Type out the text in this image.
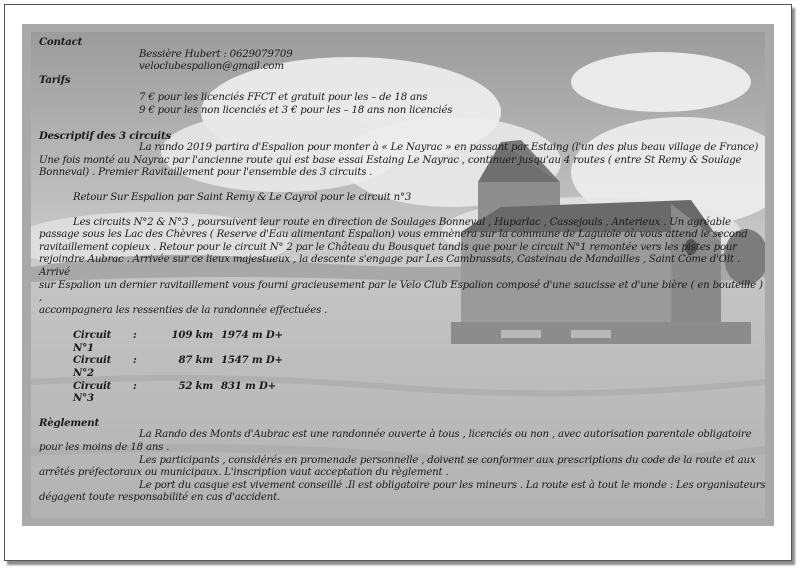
Contact
Bessière Hubert : 0629079709
veloclubespalion@gmail.com
Tarifs
7 € pour les licenciés FFCT et gratuit pour les – de 18 ans
9 € pour les non licenciés et 3 € pour les – 18 ans non licenciés
Descriptif des 3 circuits
La rando 2019 partira d'Espalion pour monter à « Le Nayrac » en passant par Estaing (l'un des plus beau village de France)
Une fois monté au Nayrac par l'ancienne route qui est base essai Estaing Le Nayrac , continuer jusqu'au 4 routes ( entre St Remy & Soulage
Bonneval) . Premier Ravitaillement pour l'ensemble des 3 circuits .
Retour Sur Espalion par Saint Remy & Le Cayrol pour le circuit n°3
Les circuits N°2 & N°3 , poursuivent leur route en direction de Soulages Bonneval , Huparlac , Cassejouls , Anterieux . Un agréable
passage sous les Lac des Chèvres ( Reserve d'Eau alimentant Espalion) vous emmènera sur la commune de Laguiole où vous attend le second
ravitaillement copieux . Retour pour le circuit N° 2 par le Château du Bousquet tandis que pour le circuit N°1 remontée vers les pistes pour
rejoindre Aubrac . Arrivée sur ce lieux majestueux , la descente s'engage par Les Cambrassats, Casteinau de Mandailles , Saint Côme d'Olt . Arrivé
sur Espalion un dernier ravitaillement vous fourni gracieusement par le Velo Club Espalion composé d'une saucisse et d'une bière ( en bouteille ) ,
accompagnera les ressenties de la randonnée effectuées .
Circuit N°1
:	109 km 1974 m D+
Circuit N°2
:	87 km 1547 m D+
Circuit N°3
:	52 km 831 m D+
Règlement
La Rando des Monts d'Aubrac est une randonnée ouverte à tous , licenciés ou non , avec autorisation parentale obligatoire
pour les moins de 18 ans .
Les participants , considérés en promenade personnelle , doivent se conformer aux prescriptions du code de la route et aux
arrêtés préfectoraux ou municipaux. L'inscription vaut acceptation du règlement .
Le port du casque est vivement conseillé .Il est obligatoire pour les mineurs . La route est à tout le monde : Les organisateurs
dégagent toute responsabilité en cas d'accident.
